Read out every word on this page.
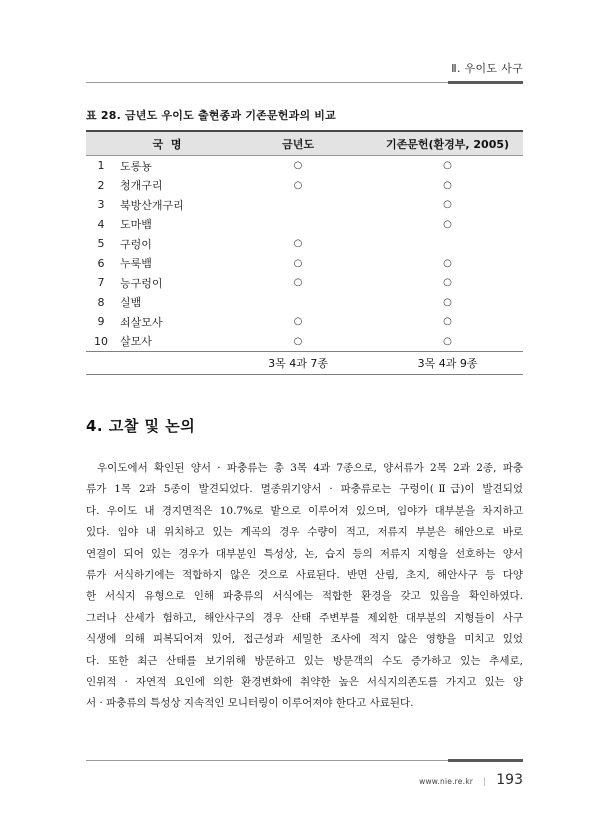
Ⅱ. 우이도 사구
표 28. 금년도 우이도 출현종과 기존문헌과의 비교
국  명		금년도	기존문헌(환경부, 2005)
1	도롱뇽	○	○
2	청개구리	○	○
3	북방산개구리		○
4	도마뱀		○
5	구렁이	○	
6	누룩뱀	○	○
7	능구렁이	○	○
8	실뱀		○
9	쇠살모사	○	○
10	살모사	○	○
		3목 4과 7종	3목 4과 9종
4. 고찰 및 논의
우이도에서 확인된 양서 · 파충류는 총 3목 4과 7종으로, 양서류가 2목 2과 2종, 파충
류가 1목 2과 5종이 발견되었다. 멸종위기양서 · 파충류로는 구렁이(Ⅱ급)이 발견되었
다. 우이도 내 경지면적은 10.7%로 밭으로 이루어져 있으며, 임야가 대부분을 차지하고
있다. 임야 내 위치하고 있는 계곡의 경우 수량이 적고, 저류지 부분은 해안으로 바로
연결이 되어 있는 경우가 대부분인 특성상, 논, 습지 등의 저류지 지형을 선호하는 양서
류가 서식하기에는 적합하지 않은 것으로 사료된다. 반면 산림, 초지, 해안사구 등 다양
한 서식지 유형으로 인해 파충류의 서식에는 적합한 환경을 갖고 있음을 확인하였다.
그러나 산세가 험하고, 해안사구의 경우 산태 주변부를 제외한 대부분의 지형들이 사구
식생에 의해 피복되어져 있어, 접근성과 세밀한 조사에 적지 않은 영향을 미치고 있었
다. 또한 최근 산태를 보기위해 방문하고 있는 방문객의 수도 증가하고 있는 추세로,
인위적 · 자연적 요인에 의한 환경변화에 취약한 높은 서식지의존도를 가지고 있는 양
서 · 파충류의 특성상 지속적인 모니터링이 이루어져야 한다고 사료된다.
www.nie.re.kr | 193
